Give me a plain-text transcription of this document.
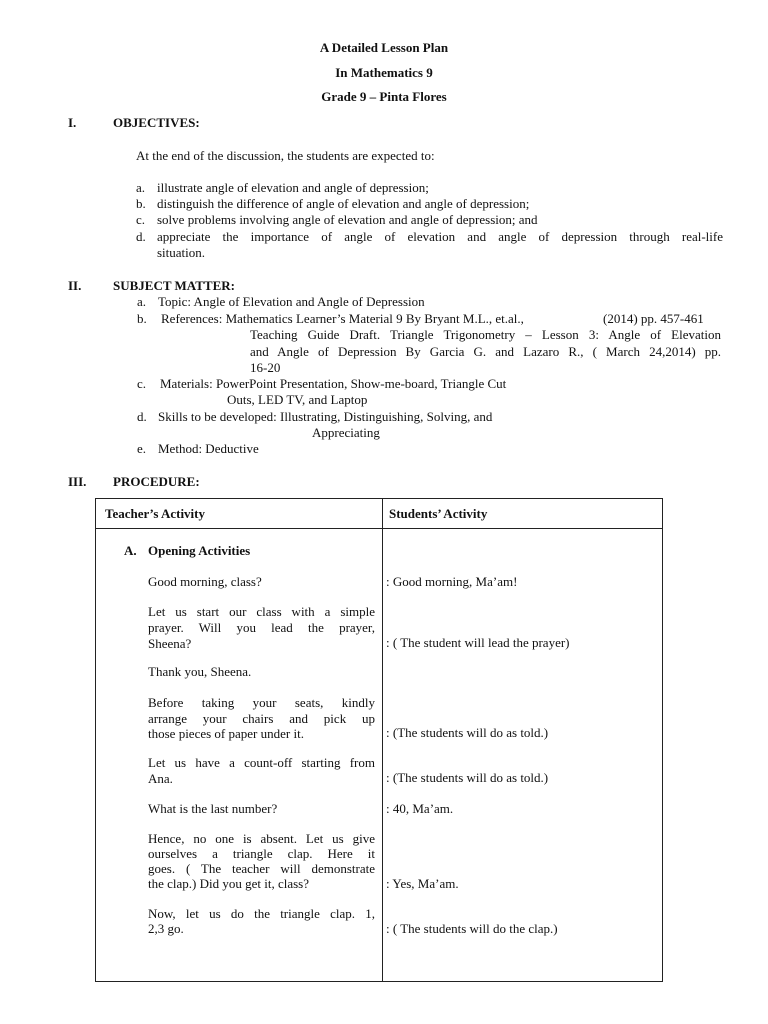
A Detailed Lesson Plan
In Mathematics 9
Grade 9 – Pinta Flores
I.	OBJECTIVES:
At the end of the discussion, the students are expected to:
a. illustrate angle of elevation and angle of depression;
b. distinguish the difference of angle of elevation and angle of depression;
c. solve problems involving angle of elevation and angle of depression; and
d. appreciate the importance of angle of elevation and angle of depression through real-life
situation.
II. SUBJECT MATTER:
a. Topic: Angle of Elevation and Angle of Depression
b. References: Mathematics Learner’s Material 9 By Bryant M.L., et.al.,	(2014) pp. 457-461
Teaching Guide Draft. Triangle Trigonometry – Lesson 3: Angle of Elevation
and Angle of Depression By Garcia G. and Lazaro R., ( March 24,2014) pp.
16-20
c. Materials: PowerPoint Presentation, Show-me-board, Triangle Cut
Outs, LED TV, and Laptop
d. Skills to be developed: Illustrating, Distinguishing, Solving, and
Appreciating
e. Method: Deductive
III. PROCEDURE:
Teacher’s Activity	Students’ Activity
A. Opening Activities
Good morning, class?	: Good morning, Ma’am!
Let us start our class with a simple
prayer. Will you lead the prayer,
Sheena?	: ( The student will lead the prayer)
Thank you, Sheena.
Before taking your seats, kindly
arrange your chairs and pick up
those pieces of paper under it.	: (The students will do as told.)
Let us have a count-off starting from
Ana.	: (The students will do as told.)
What is the last number?	: 40, Ma’am.
Hence, no one is absent. Let us give
ourselves a triangle clap. Here it
goes. ( The teacher will demonstrate
the clap.) Did you get it, class?	: Yes, Ma’am.
Now, let us do the triangle clap. 1,
2,3 go.	: ( The students will do the clap.)
